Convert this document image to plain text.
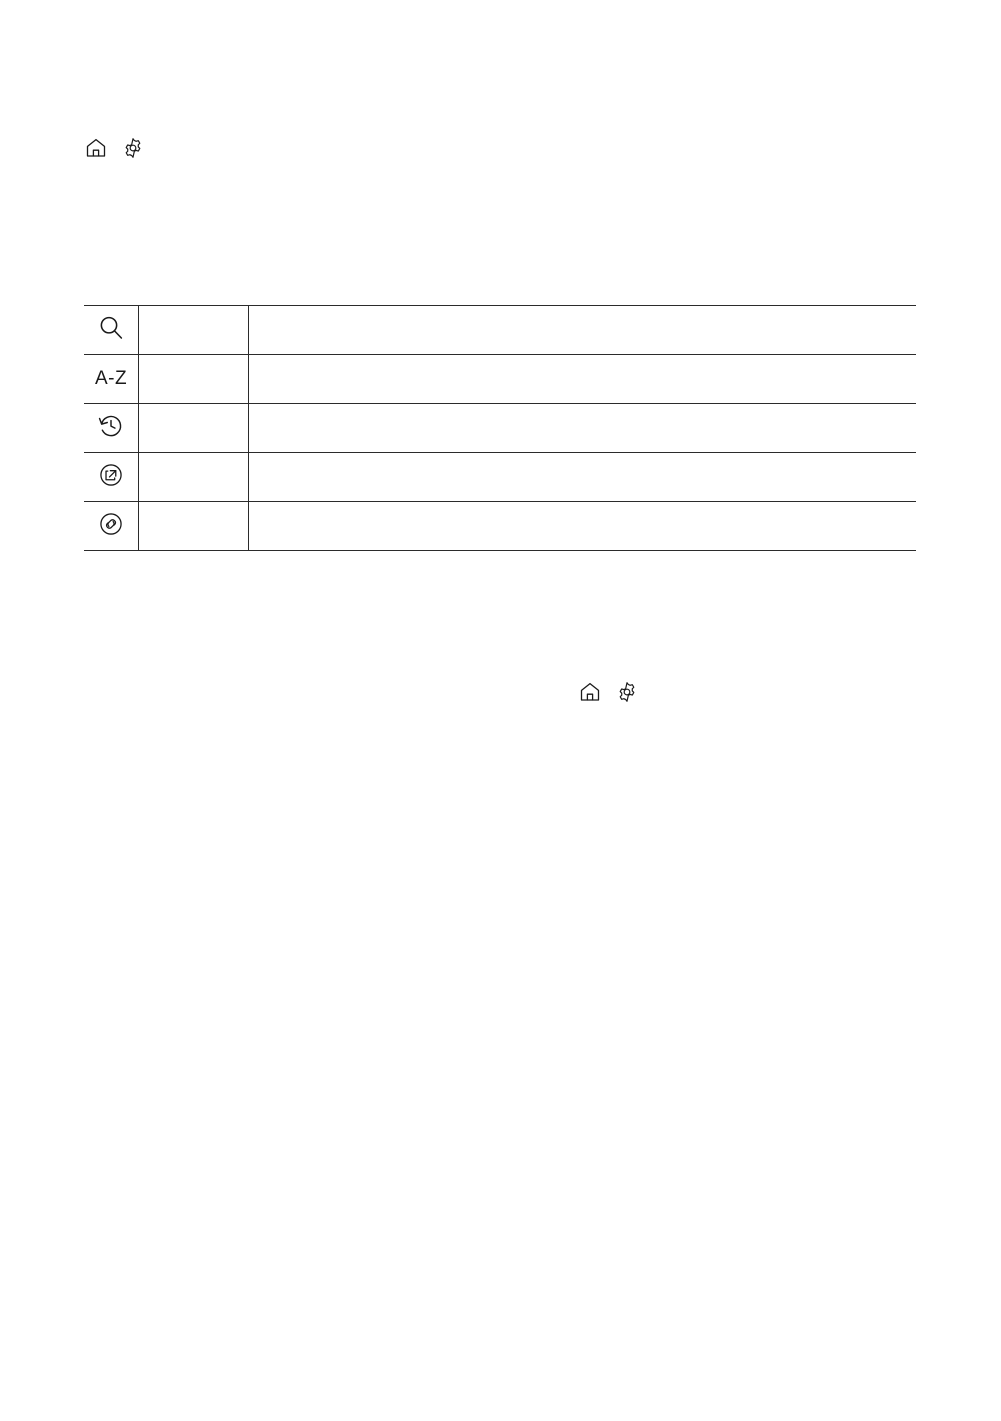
A-Z		
